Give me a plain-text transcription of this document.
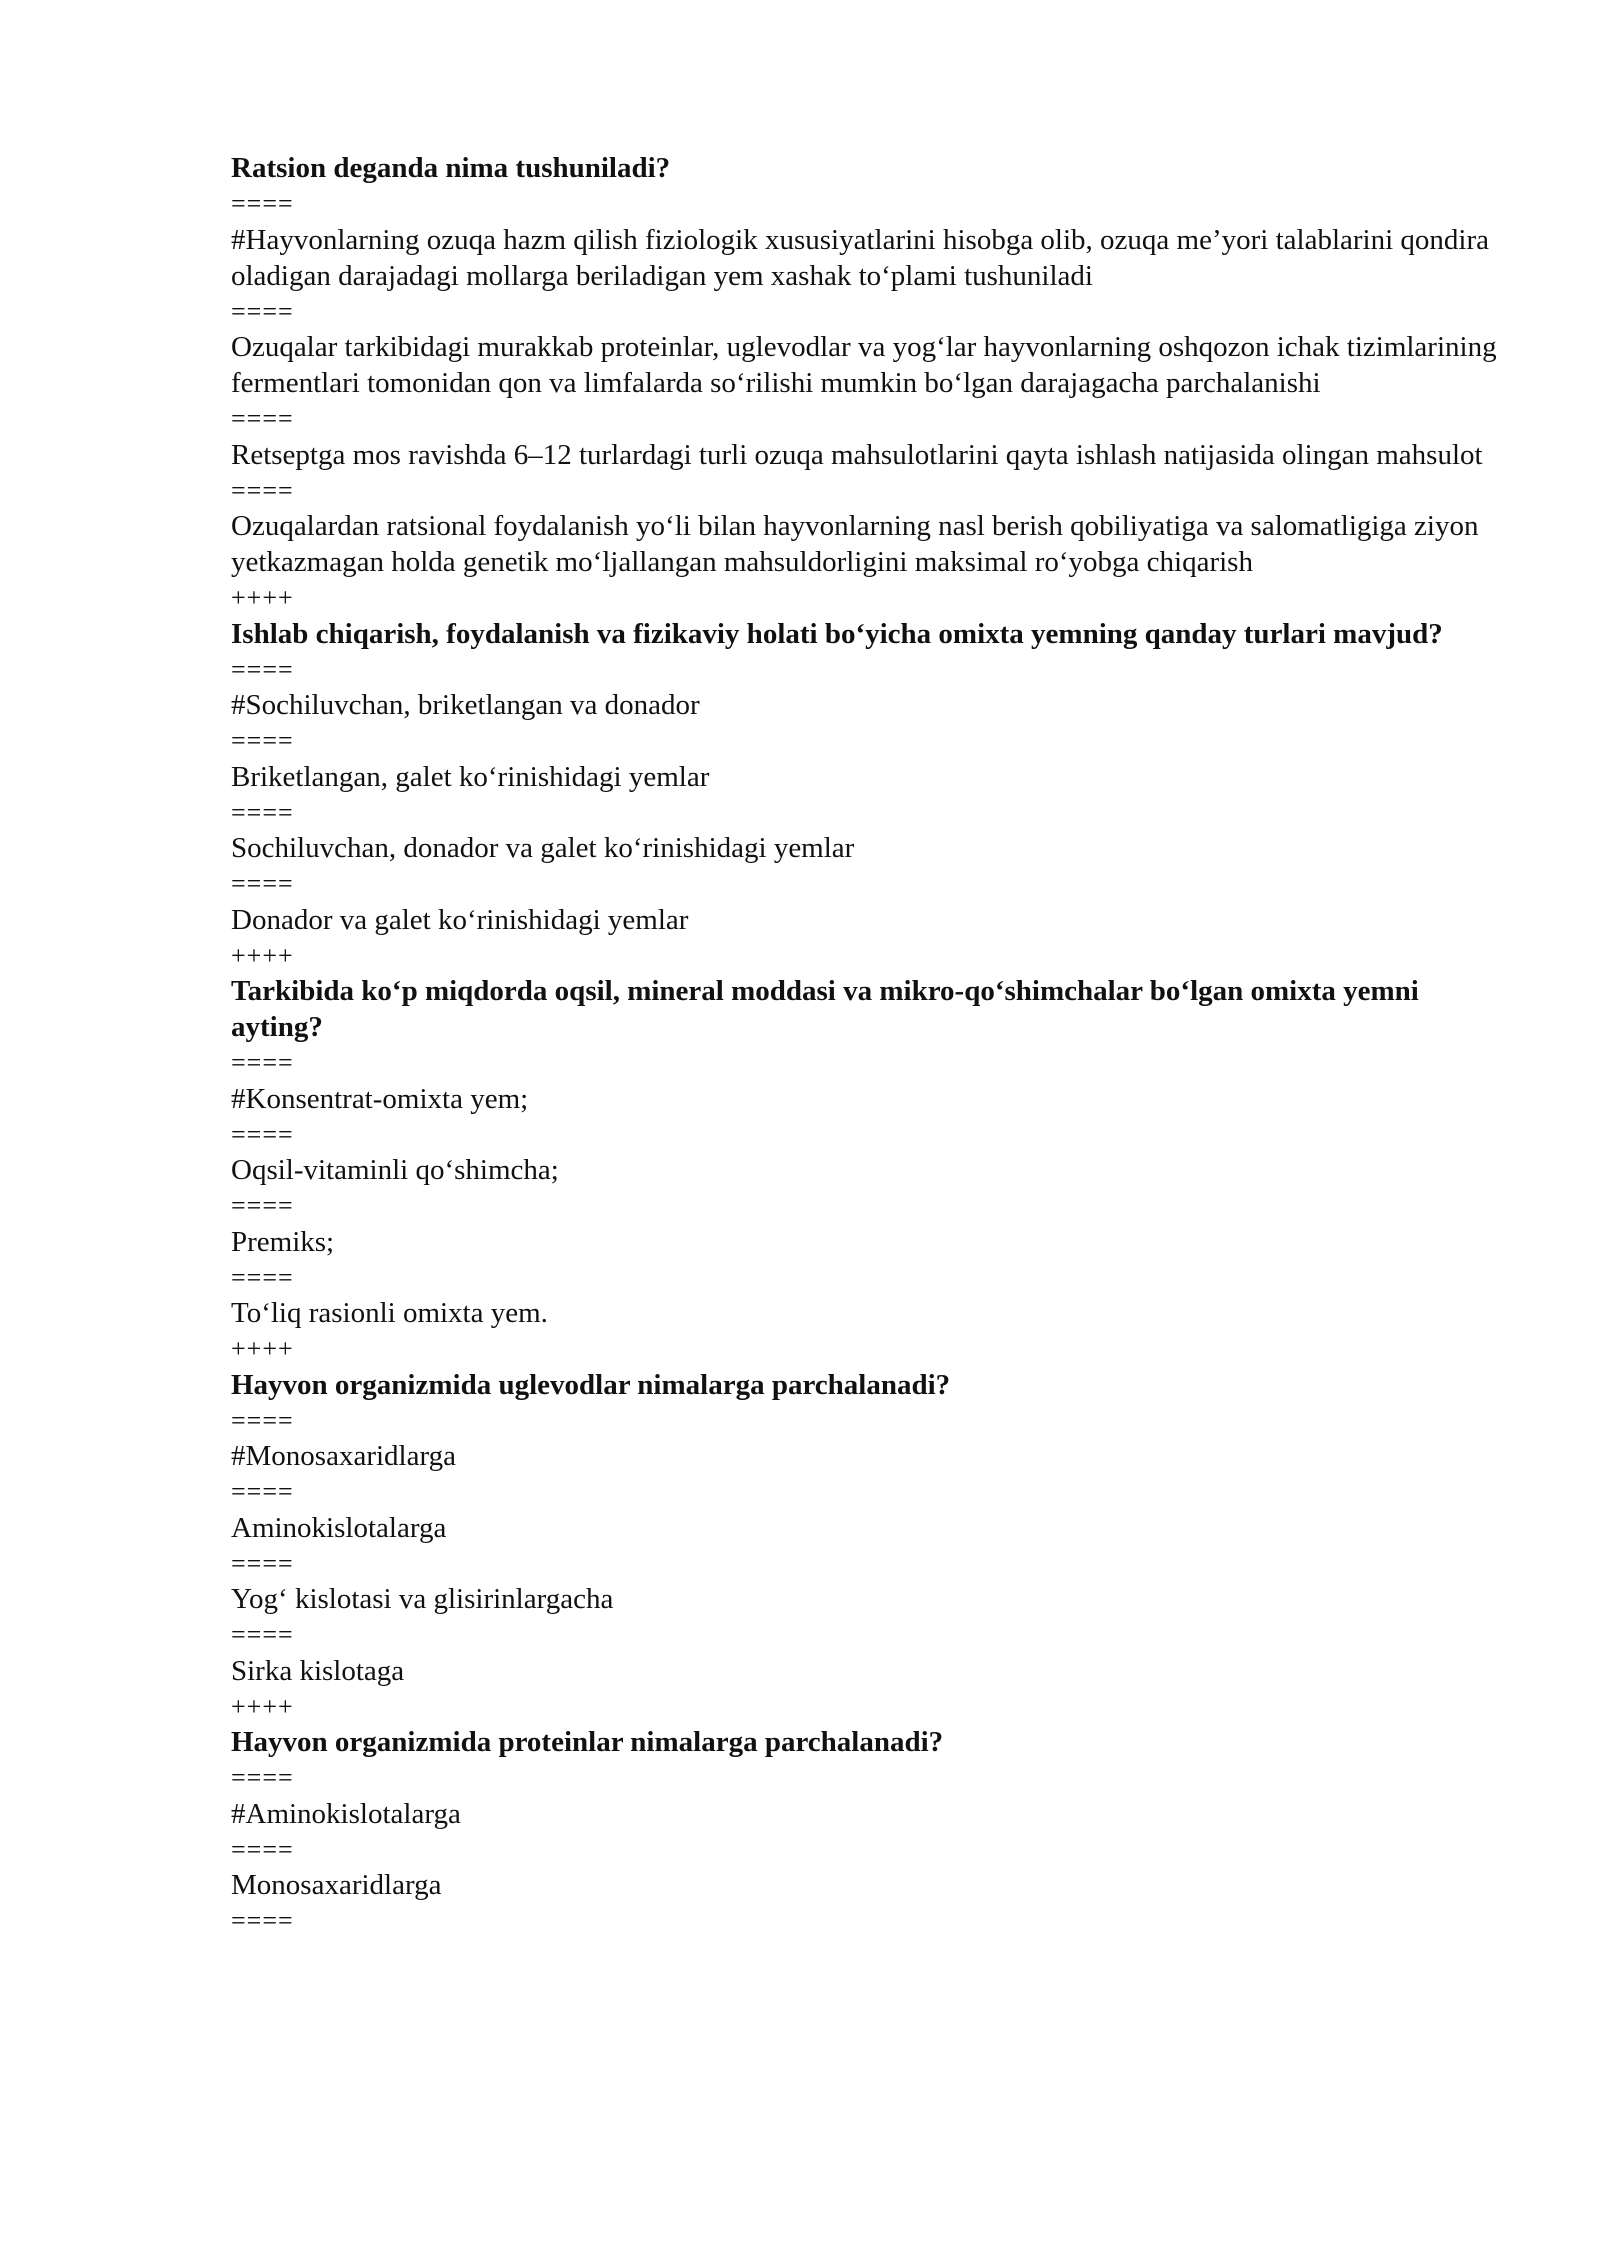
Ratsion deganda nima tushuniladi?

====

#Hayvonlarning ozuqa hazm qilish fiziologik xususiyatlarini hisobga olib, ozuqa me’yori talablarini qondira oladigan darajadagi mollarga beriladigan yem xashak to‘plami tushuniladi

====

Ozuqalar tarkibidagi murakkab proteinlar, uglevodlar va yog‘lar hayvonlarning oshqozon ichak tizimlarining fermentlari tomonidan qon va limfalarda so‘rilishi mumkin bo‘lgan darajagacha parchalanishi

====

Retseptga mos ravishda 6–12 turlardagi turli ozuqa mahsulotlarini qayta ishlash natijasida olingan mahsulot

====

Ozuqalardan ratsional foydalanish yo‘li bilan hayvonlarning nasl berish qobiliyatiga va salomatligiga ziyon yetkazmagan holda genetik mo‘ljallangan mahsuldorligini maksimal ro‘yobga chiqarish

++++

Ishlab chiqarish, foydalanish va fizikaviy holati bo‘yicha omixta yemning qanday turlari mavjud?

====

#Sochiluvchan, briketlangan va donador

====

Briketlangan, galet ko‘rinishidagi yemlar

====

Sochiluvchan, donador va galet ko‘rinishidagi yemlar

====

Donador va galet ko‘rinishidagi yemlar

++++

Tarkibida ko‘p miqdorda oqsil, mineral moddasi va mikro-qo‘shimchalar bo‘lgan omixta yemni ayting?

====

#Konsentrat-omixta yem;

====

Oqsil-vitaminli qo‘shimcha;

====

Premiks;

====

To‘liq rasionli omixta yem.

++++

Hayvon organizmida uglevodlar nimalarga parchalanadi?

====

#Monosaxaridlarga

====

Aminokislotalarga

====

Yog‘ kislotasi va glisirinlargacha

====

Sirka kislotaga

++++

Hayvon organizmida proteinlar nimalarga parchalanadi?

====

#Aminokislotalarga

====

Monosaxaridlarga

====
